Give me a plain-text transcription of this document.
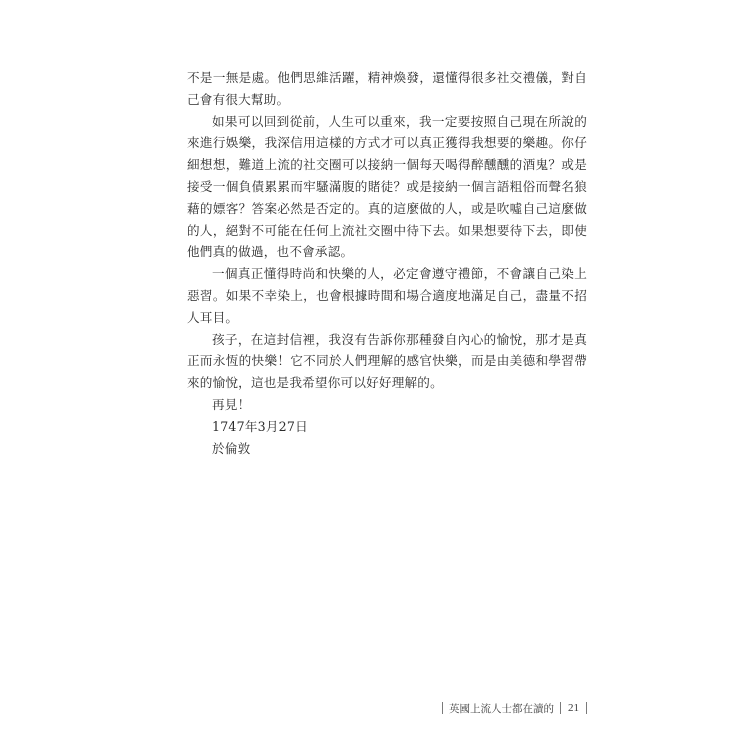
不是一無是處。他們思維活躍，精神煥發，還懂得很多社交禮儀，對自己會有很大幫助。

如果可以回到從前，人生可以重來，我一定要按照自己現在所說的來進行娛樂，我深信用這樣的方式才可以真正獲得我想要的樂趣。你仔細想想，難道上流的社交圈可以接納一個每天喝得醉醺醺的酒鬼？或是接受一個負債累累而牢騷滿腹的賭徒？或是接納一個言語粗俗而聲名狼藉的嫖客？答案必然是否定的。真的這麼做的人，或是吹噓自己這麼做的人，絕對不可能在任何上流社交圈中待下去。如果想要待下去，即使他們真的做過，也不會承認。

一個真正懂得時尚和快樂的人，必定會遵守禮節，不會讓自己染上惡習。如果不幸染上，也會根據時間和場合適度地滿足自己，盡量不招人耳目。

孩子，在這封信裡，我沒有告訴你那種發自內心的愉悅，那才是真正而永恆的快樂！它不同於人們理解的感官快樂，而是由美德和學習帶來的愉悅，這也是我希望你可以好好理解的。

再見！

1747年3月27日

於倫敦

英國上流人士都在讀的	21
